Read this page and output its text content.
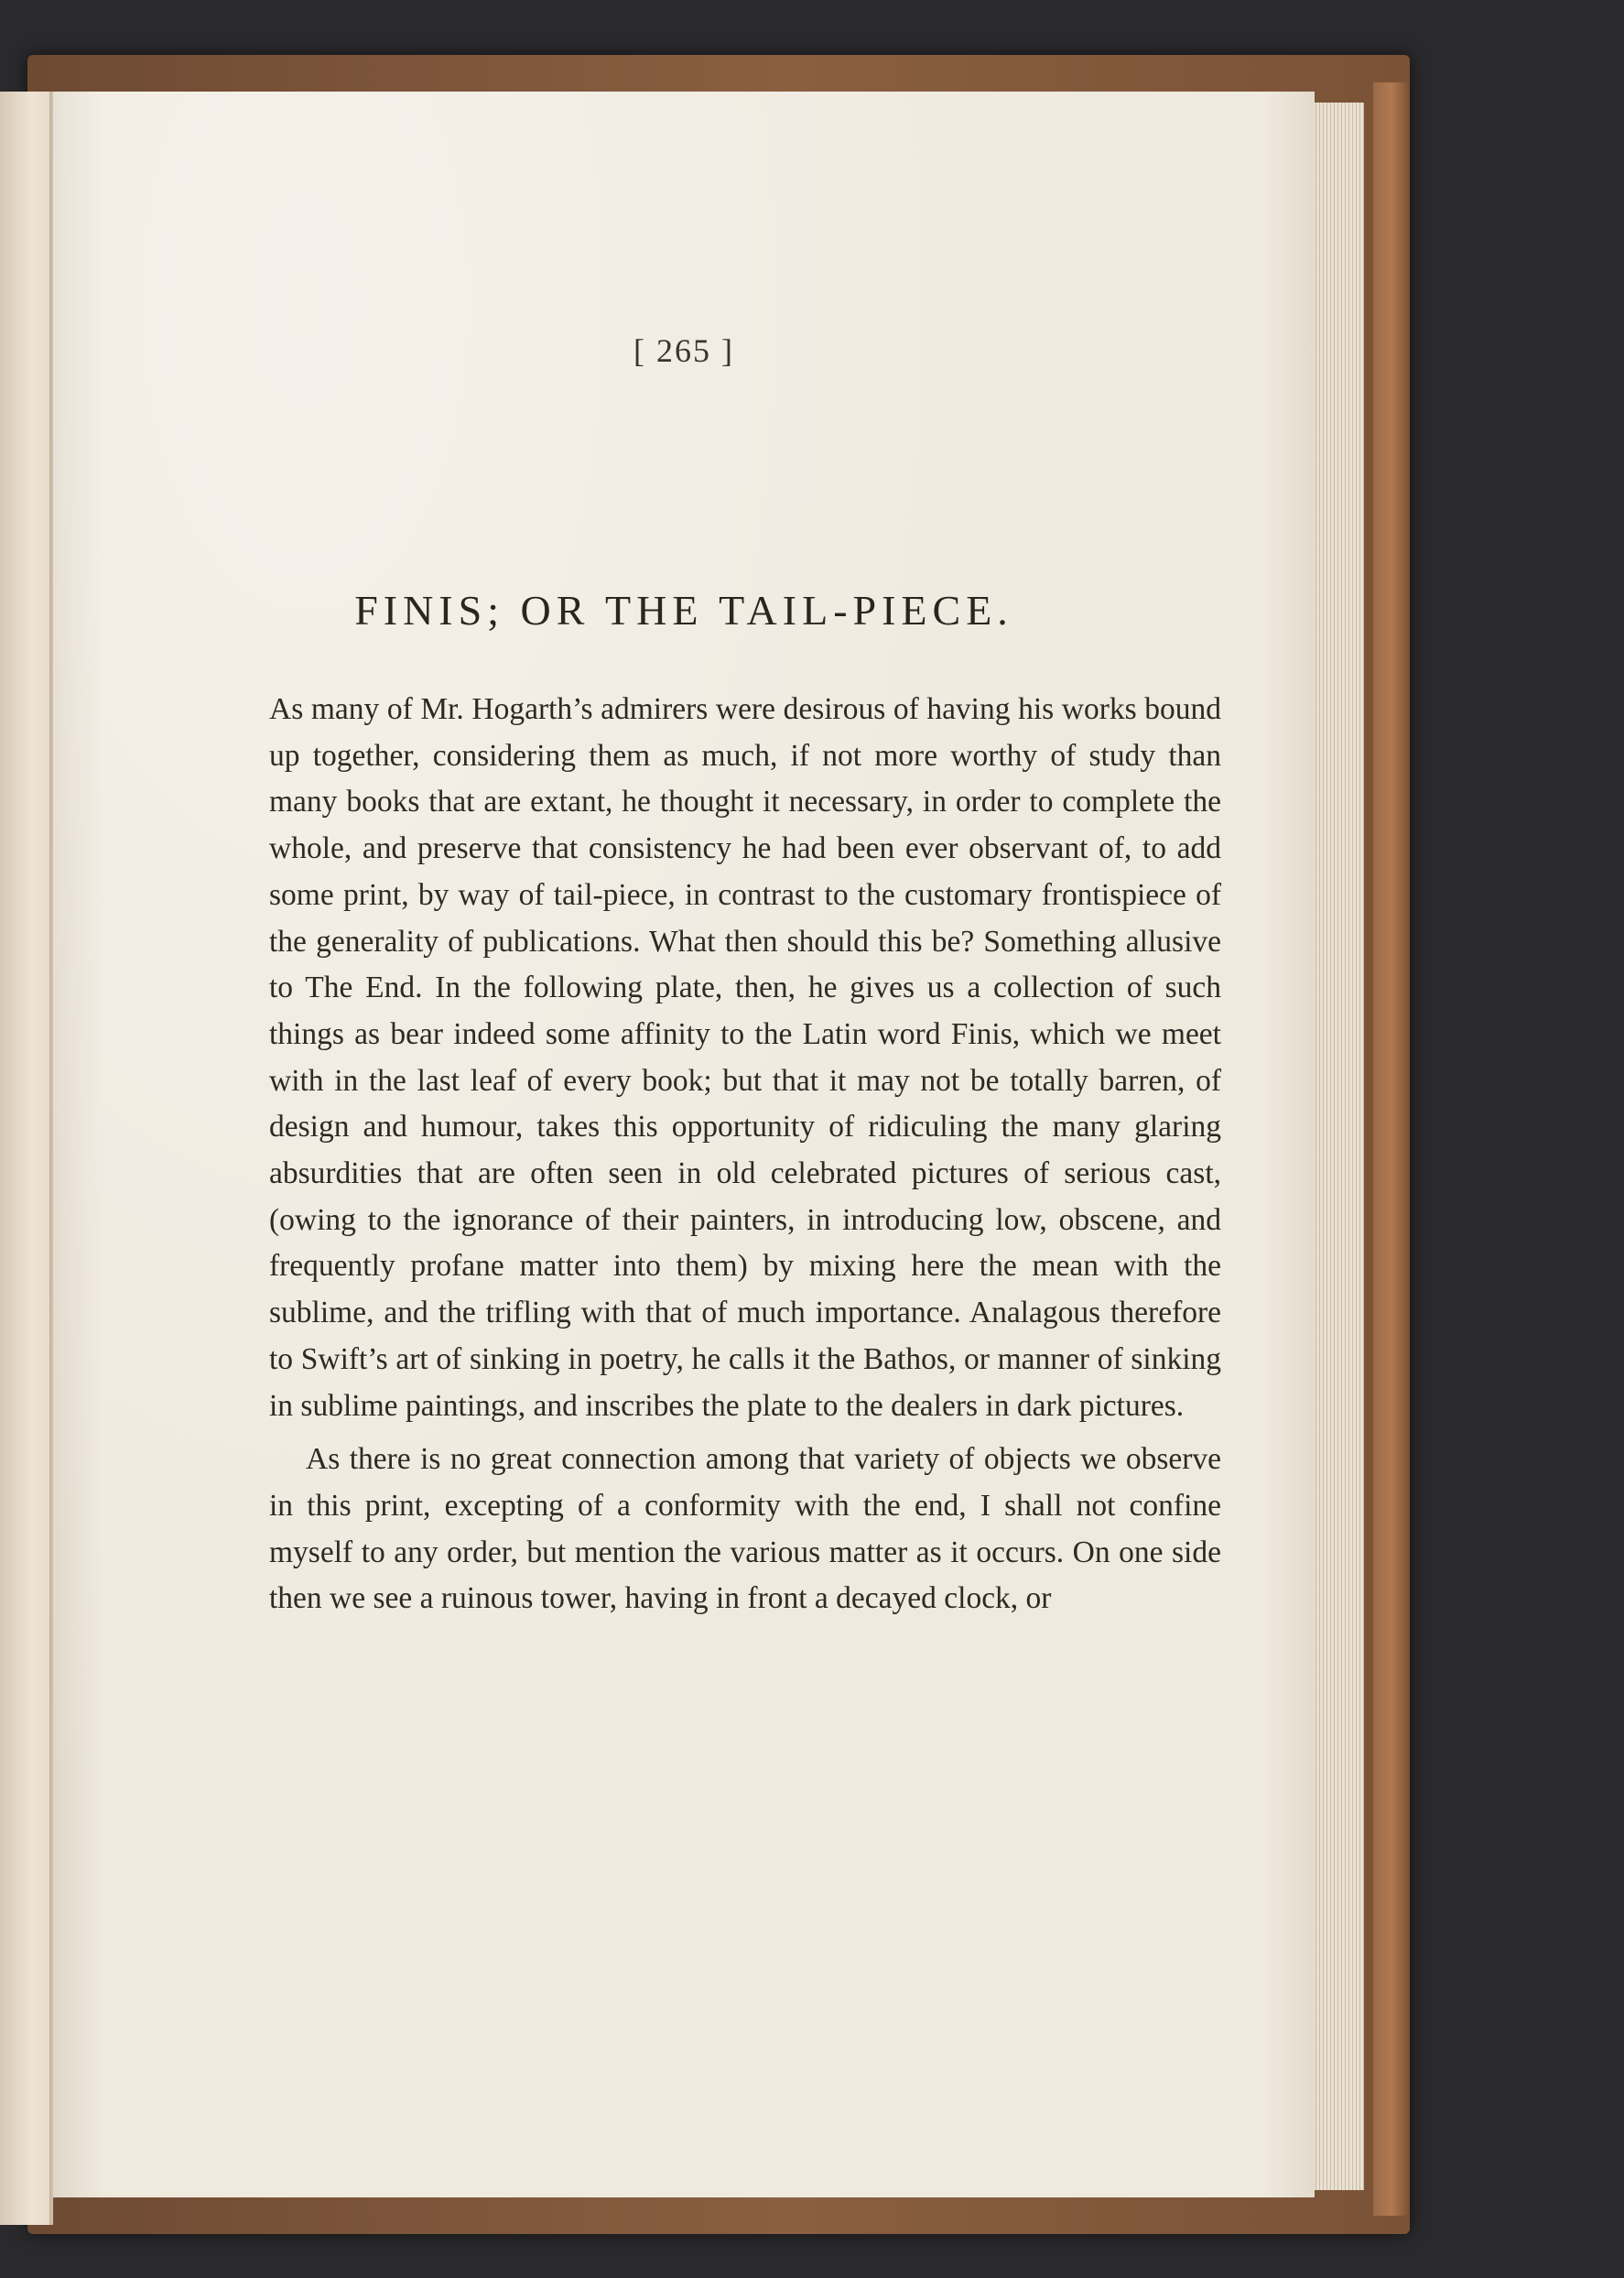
[ 265 ]
FINIS; OR THE TAIL-PIECE.

As many of Mr. Hogarth’s admirers were desirous of having his works bound up together, considering them as much, if not more worthy of study than many books that are extant, he thought it necessary, in order to complete the whole, and preserve that consistency he had been ever observant of, to add some print, by way of tail-piece, in contrast to the customary frontispiece of the generality of publications. What then should this be? Something allusive to The End. In the following plate, then, he gives us a collection of such things as bear indeed some affinity to the Latin word Finis, which we meet with in the last leaf of every book; but that it may not be totally barren, of design and humour, takes this opportunity of ridiculing the many glaring absurdities that are often seen in old celebrated pictures of serious cast, (owing to the ignorance of their painters, in introducing low, obscene, and frequently profane matter into them) by mixing here the mean with the sublime, and the trifling with that of much importance. Analagous therefore to Swift’s art of sinking in poetry, he calls it the Bathos, or manner of sinking in sublime paintings, and inscribes the plate to the dealers in dark pictures.

As there is no great connection among that variety of objects we observe in this print, excepting of a conformity with the end, I shall not confine myself to any order, but mention the various matter as it occurs. On one side then we see a ruinous tower, having in front a decayed clock, or
